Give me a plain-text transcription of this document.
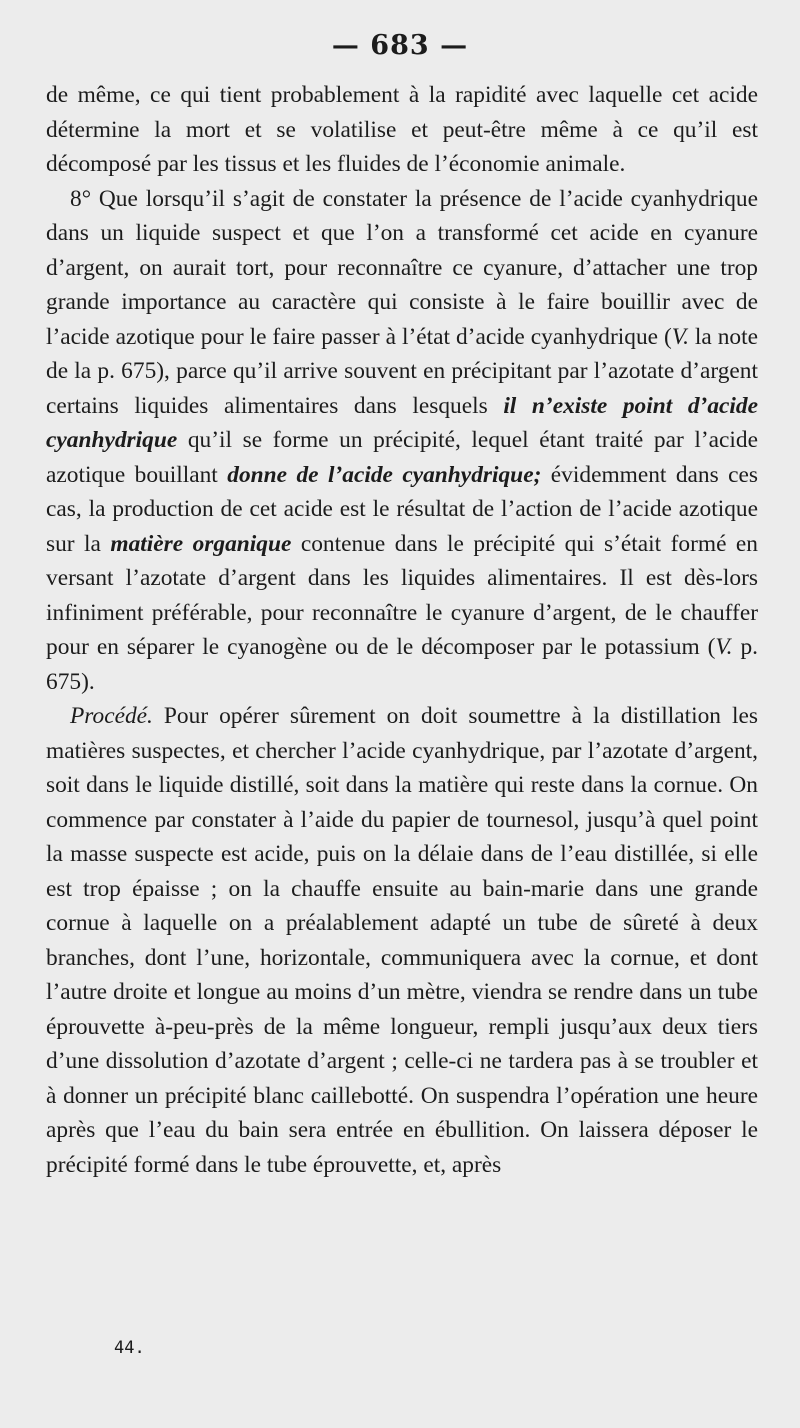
— 683 —

de même, ce qui tient probablement à la rapidité avec laquelle cet acide détermine la mort et se volatilise et peut-être même à ce qu’il est décomposé par les tissus et les fluides de l’économie animale.

8° Que lorsqu’il s’agit de constater la présence de l’acide cyanhydrique dans un liquide suspect et que l’on a transformé cet acide en cyanure d’argent, on aurait tort, pour reconnaître ce cyanure, d’attacher une trop grande importance au caractère qui consiste à le faire bouillir avec de l’acide azotique pour le faire passer à l’état d’acide cyanhydrique (V. la note de la p. 675), parce qu’il arrive souvent en précipitant par l’azotate d’argent certains liquides alimentaires dans lesquels il n’existe point d’acide cyanhydrique qu’il se forme un précipité, lequel étant traité par l’acide azotique bouillant donne de l’acide cyanhydrique; évidemment dans ces cas, la production de cet acide est le résultat de l’action de l’acide azotique sur la matière organique contenue dans le précipité qui s’était formé en versant l’azotate d’argent dans les liquides alimentaires. Il est dès-lors infiniment préférable, pour reconnaître le cyanure d’argent, de le chauffer pour en séparer le cyanogène ou de le décomposer par le potassium (V. p. 675).

Procédé. Pour opérer sûrement on doit soumettre à la distillation les matières suspectes, et chercher l’acide cyanhydrique, par l’azotate d’argent, soit dans le liquide distillé, soit dans la matière qui reste dans la cornue. On commence par constater à l’aide du papier de tournesol, jusqu’à quel point la masse suspecte est acide, puis on la délaie dans de l’eau distillée, si elle est trop épaisse ; on la chauffe ensuite au bain-marie dans une grande cornue à laquelle on a préalablement adapté un tube de sûreté à deux branches, dont l’une, horizontale, communiquera avec la cornue, et dont l’autre droite et longue au moins d’un mètre, viendra se rendre dans un tube éprouvette à-peu-près de la même longueur, rempli jusqu’aux deux tiers d’une dissolution d’azotate d’argent ; celle-ci ne tardera pas à se troubler et à donner un précipité blanc caillebotté. On suspendra l’opération une heure après que l’eau du bain sera entrée en ébullition. On laissera déposer le précipité formé dans le tube éprouvette, et, après

44.
